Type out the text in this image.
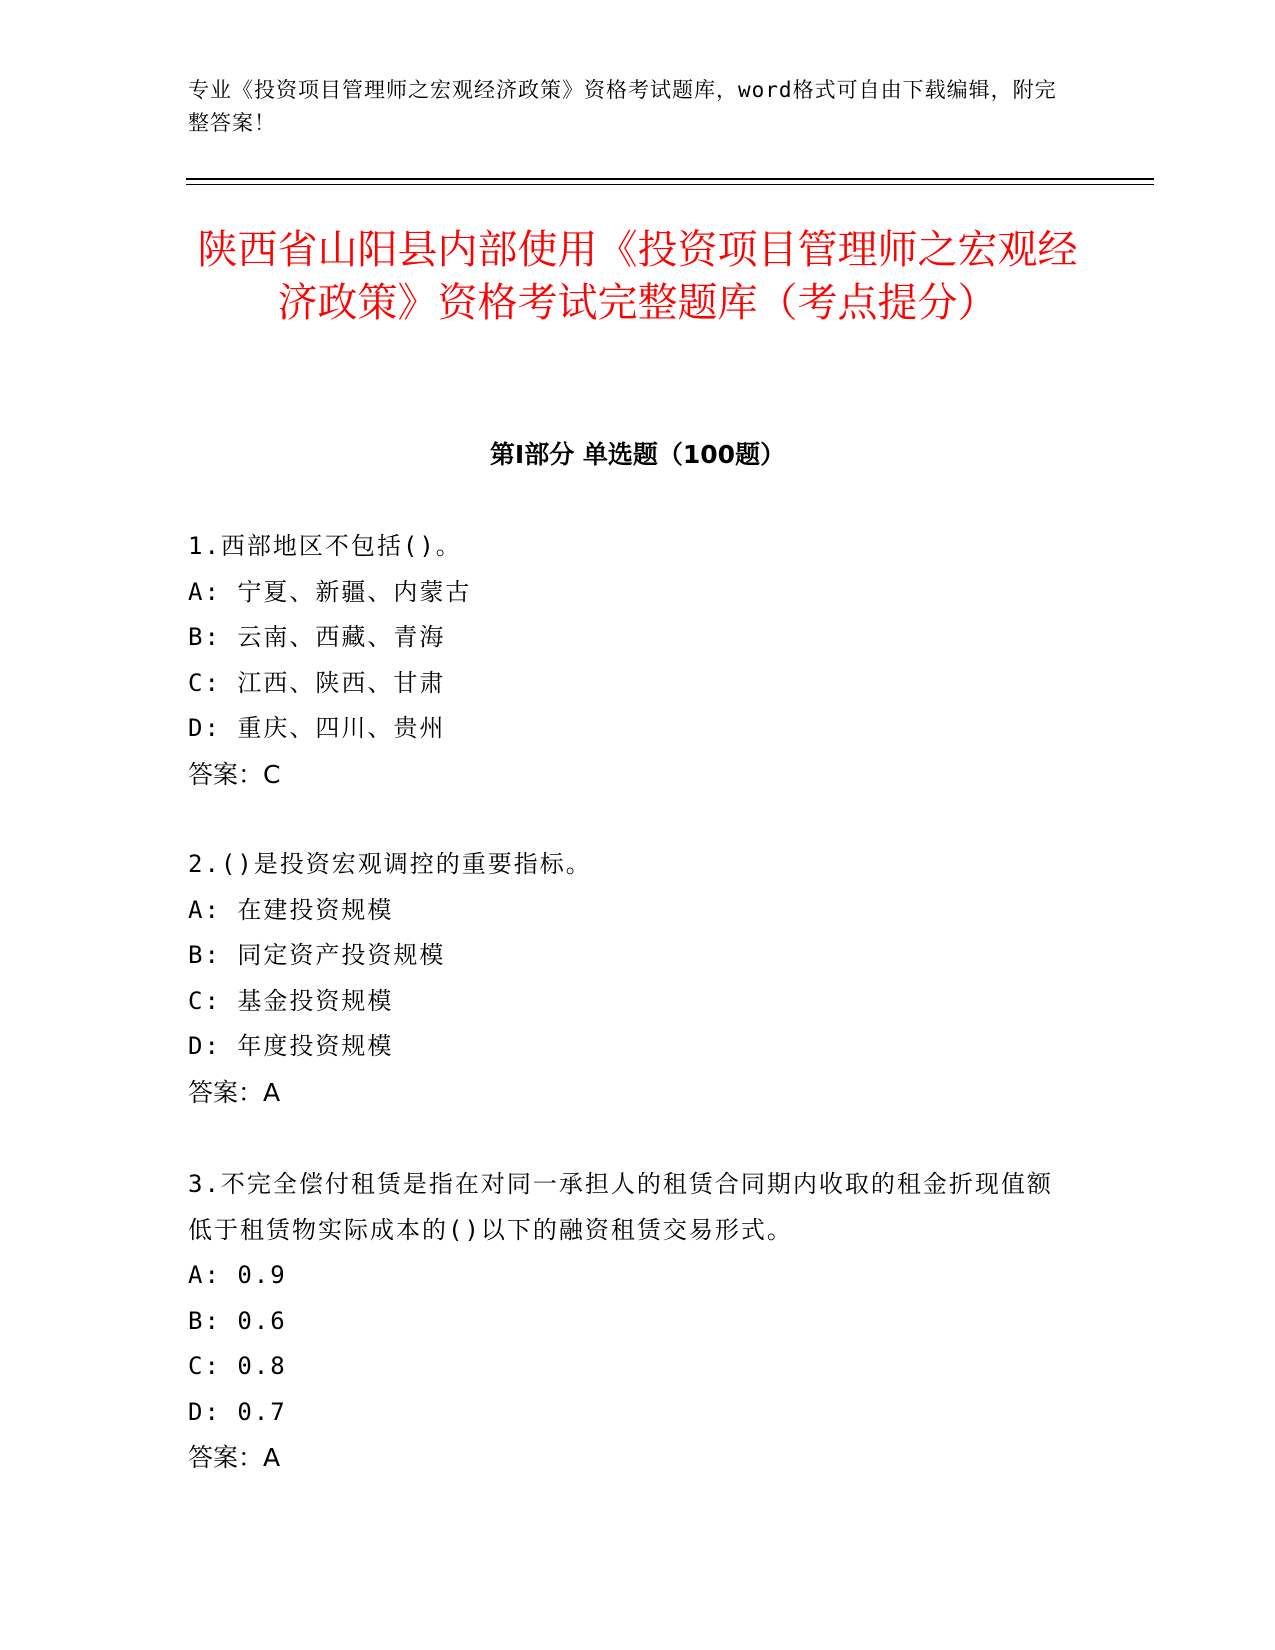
专业《投资项目管理师之宏观经济政策》资格考试题库，word格式可自由下载编辑，附完整答案！
陕西省山阳县内部使用《投资项目管理师之宏观经济政策》资格考试完整题库（考点提分）
第I部分 单选题（100题）
1.西部地区不包括()。
A: 宁夏、新疆、内蒙古
B: 云南、西藏、青海
C: 江西、陕西、甘肃
D: 重庆、四川、贵州
答案：C
2.()是投资宏观调控的重要指标。
A: 在建投资规模
B: 同定资产投资规模
C: 基金投资规模
D: 年度投资规模
答案：A
3.不完全偿付租赁是指在对同一承担人的租赁合同期内收取的租金折现值额低于租赁物实际成本的()以下的融资租赁交易形式。
A: 0.9
B: 0.6
C: 0.8
D: 0.7
答案：A
